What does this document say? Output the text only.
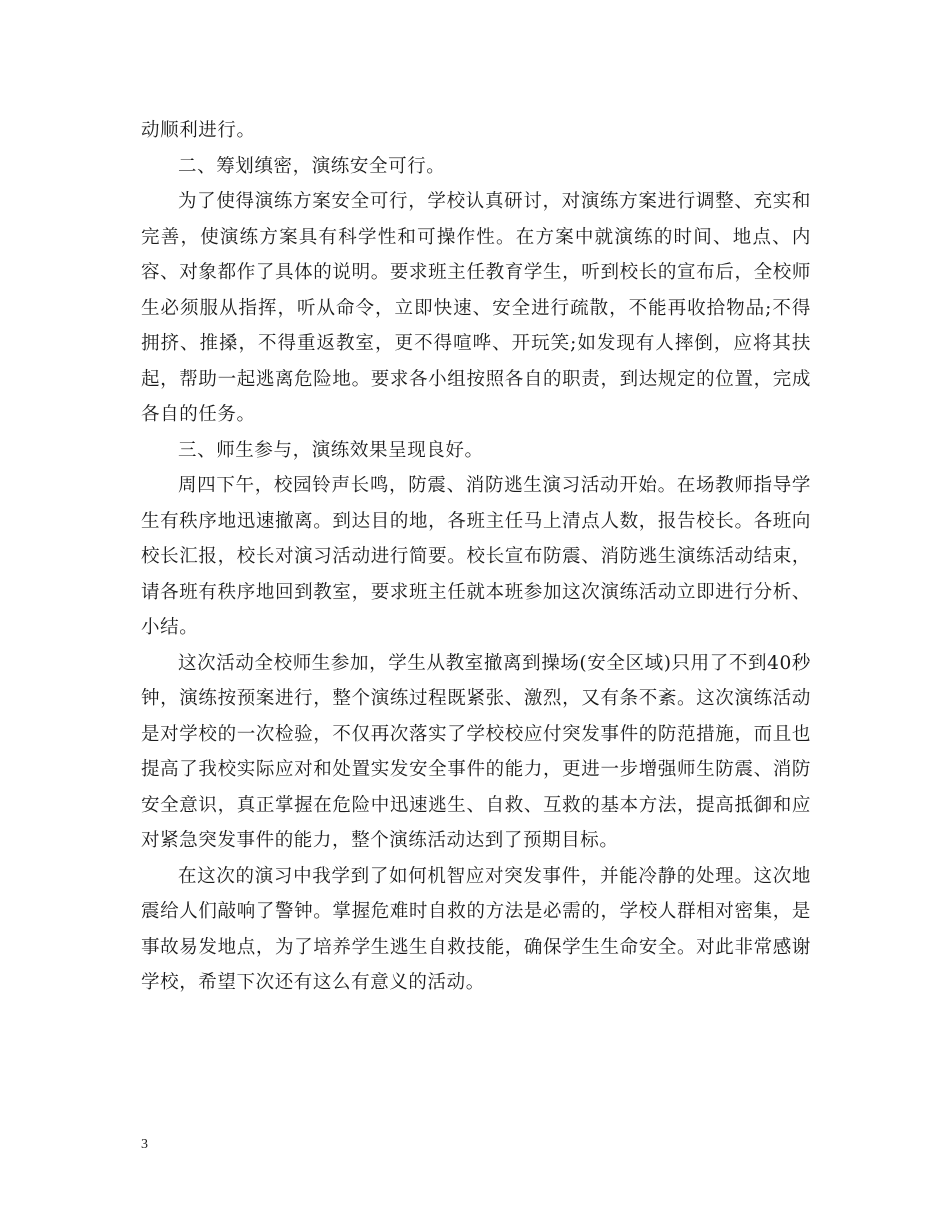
动顺利进行。

二、筹划缜密，演练安全可行。

为了使得演练方案安全可行，学校认真研讨，对演练方案进行调整、充实和完善，使演练方案具有科学性和可操作性。在方案中就演练的时间、地点、内容、对象都作了具体的说明。要求班主任教育学生，听到校长的宣布后，全校师生必须服从指挥，听从命令，立即快速、安全进行疏散，不能再收拾物品;不得拥挤、推搡，不得重返教室，更不得喧哗、开玩笑;如发现有人摔倒，应将其扶起，帮助一起逃离危险地。要求各小组按照各自的职责，到达规定的位置，完成各自的任务。

三、师生参与，演练效果呈现良好。

周四下午，校园铃声长鸣，防震、消防逃生演习活动开始。在场教师指导学生有秩序地迅速撤离。到达目的地，各班主任马上清点人数，报告校长。各班向校长汇报，校长对演习活动进行简要。校长宣布防震、消防逃生演练活动结束，请各班有秩序地回到教室，要求班主任就本班参加这次演练活动立即进行分析、小结。

这次活动全校师生参加，学生从教室撤离到操场(安全区域)只用了不到40秒钟，演练按预案进行，整个演练过程既紧张、激烈，又有条不紊。这次演练活动是对学校的一次检验，不仅再次落实了学校校应付突发事件的防范措施，而且也提高了我校实际应对和处置实发安全事件的能力，更进一步增强师生防震、消防安全意识，真正掌握在危险中迅速逃生、自救、互救的基本方法，提高抵御和应对紧急突发事件的能力，整个演练活动达到了预期目标。

在这次的演习中我学到了如何机智应对突发事件，并能冷静的处理。这次地震给人们敲响了警钟。掌握危难时自救的方法是必需的，学校人群相对密集，是事故易发地点，为了培养学生逃生自救技能，确保学生生命安全。对此非常感谢学校，希望下次还有这么有意义的活动。

3
